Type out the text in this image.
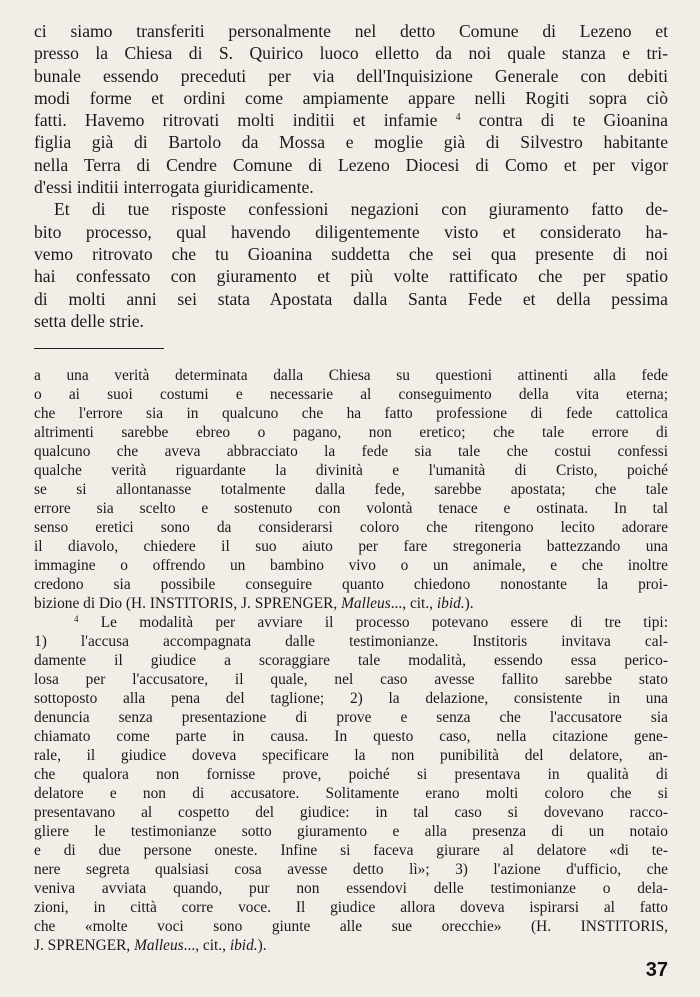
ci siamo transferiti personalmente nel detto Comune di Lezeno et
presso la Chiesa di S. Quirico luoco elletto da noi quale stanza e tri-
bunale essendo preceduti per via dell'Inquisizione Generale con debiti
modi forme et ordini come ampiamente appare nelli Rogiti sopra ciò
fatti. Havemo ritrovati molti inditii et infamie $^4$ contra di te Gioanina
figlia già di Bartolo da Mossa e moglie già di Silvestro habitante
nella Terra di Cendre Comune di Lezeno Diocesi di Como et per vigor
d'essi inditii interrogata giuridicamente.
Et di tue risposte confessioni negazioni con giuramento fatto de-
bito processo, qual havendo diligentemente visto et considerato ha-
vemo ritrovato che tu Gioanina suddetta che sei qua presente di noi
hai confessato con giuramento et più volte rattificato che per spatio
di molti anni sei stata Apostata dalla Santa Fede et della pessima
setta delle strie.
a una verità determinata dalla Chiesa su questioni attinenti alla fede
o ai suoi costumi e necessarie al conseguimento della vita eterna;
che l'errore sia in qualcuno che ha fatto professione di fede cattolica
altrimenti sarebbe ebreo o pagano, non eretico; che tale errore di
qualcuno che aveva abbracciato la fede sia tale che costui confessi
qualche verità riguardante la divinità e l'umanità di Cristo, poiché
se si allontanasse totalmente dalla fede, sarebbe apostata; che tale
errore sia scelto e sostenuto con volontà tenace e ostinata. In tal
senso eretici sono da considerarsi coloro che ritengono lecito adorare
il diavolo, chiedere il suo aiuto per fare stregoneria battezzando una
immagine o offrendo un bambino vivo o un animale, e che inoltre
credono sia possibile conseguire quanto chiedono nonostante la proi-
bizione di Dio (H. INSTITORIS, J. SPRENGER, Malleus..., cit., ibid.).
$^4$ Le modalità per avviare il processo potevano essere di tre tipi:
1) l'accusa accompagnata dalle testimonianze. Institoris invitava cal-
damente il giudice a scoraggiare tale modalità, essendo essa perico-
losa per l'accusatore, il quale, nel caso avesse fallito sarebbe stato
sottoposto alla pena del taglione; 2) la delazione, consistente in una
denuncia senza presentazione di prove e senza che l'accusatore sia
chiamato come parte in causa. In questo caso, nella citazione gene-
rale, il giudice doveva specificare la non punibilità del delatore, an-
che qualora non fornisse prove, poiché si presentava in qualità di
delatore e non di accusatore. Solitamente erano molti coloro che si
presentavano al cospetto del giudice: in tal caso si dovevano racco-
gliere le testimonianze sotto giuramento e alla presenza di un notaio
e di due persone oneste. Infine si faceva giurare al delatore «di te-
nere segreta qualsiasi cosa avesse detto lì»; 3) l'azione d'ufficio, che
veniva avviata quando, pur non essendovi delle testimonianze o dela-
zioni, in città corre voce. Il giudice allora doveva ispirarsi al fatto
che «molte voci sono giunte alle sue orecchie» (H. INSTITORIS,
J. SPRENGER, Malleus..., cit., ibid.).
37
